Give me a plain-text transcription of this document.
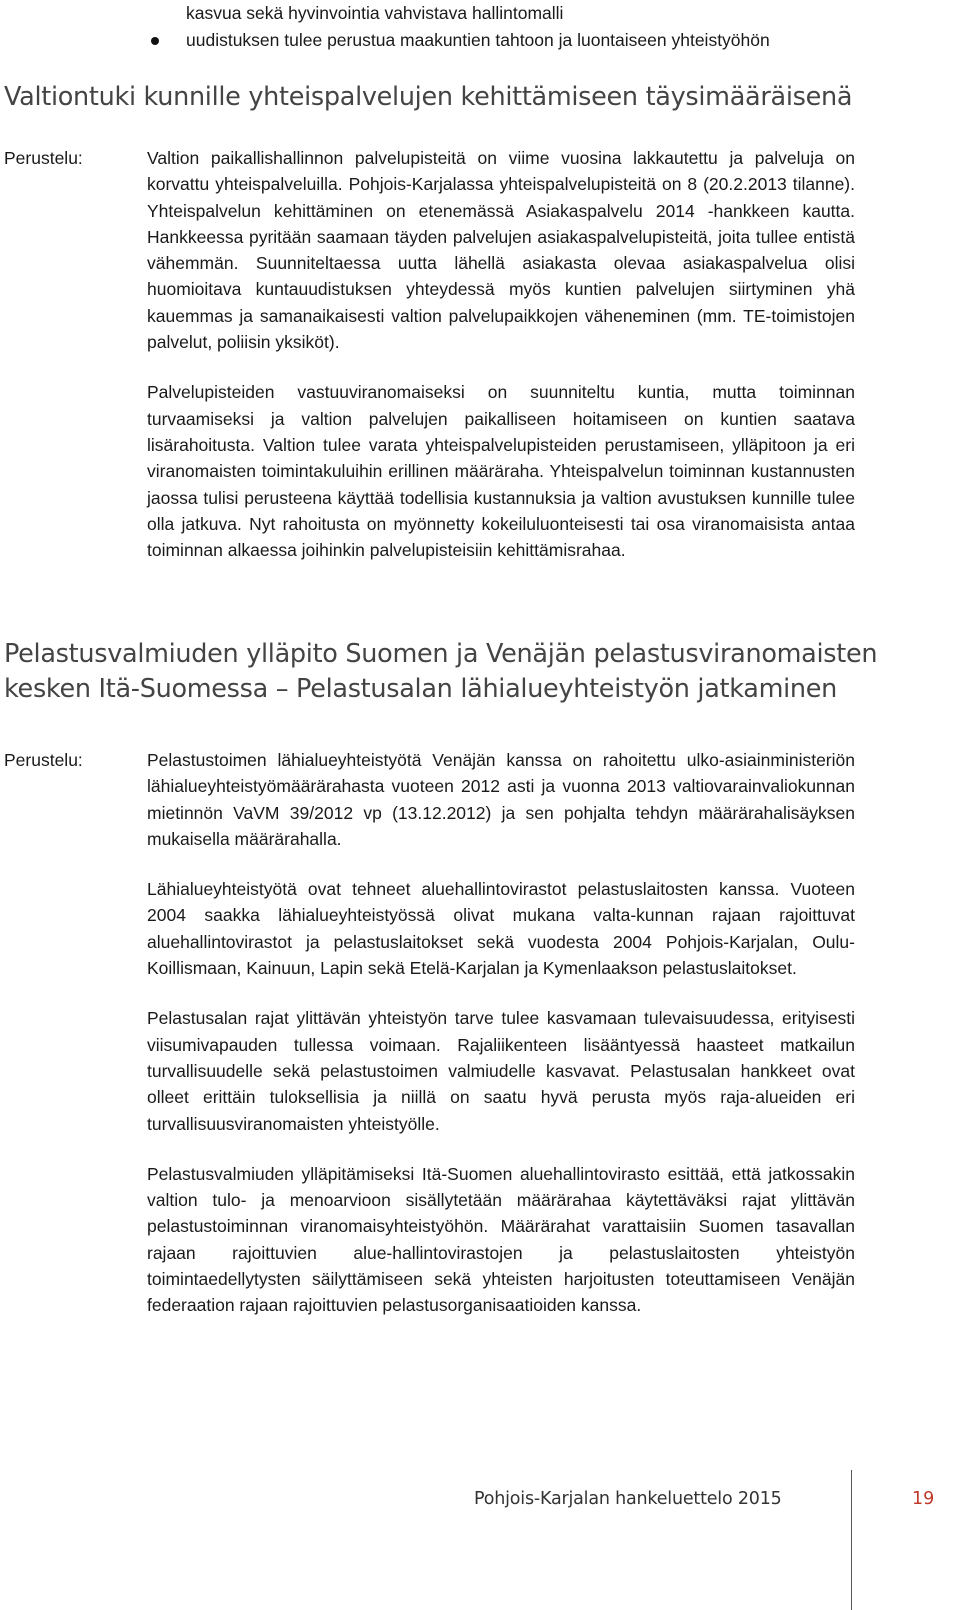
kasvua sekä hyvinvointia vahvistava hallintomalli
uudistuksen tulee perustua maakuntien tahtoon ja luontaiseen yhteistyöhön
Valtiontuki kunnille yhteispalvelujen kehittämiseen täysimääräisenä
Perustelu:	Valtion paikallishallinnon palvelupisteitä on viime vuosina lakkautettu ja palveluja on korvattu yhteispalveluilla. Pohjois-Karjalassa yhteispalvelupisteitä on 8 (20.2.2013 tilanne). Yhteispalvelun kehittäminen on etenemässä Asiakaspalvelu 2014 -hankkeen kautta. Hankkeessa pyritään saamaan täyden palvelujen asiakaspalvelupisteitä, joita tullee entistä vähemmän. Suunniteltaessa uutta lähellä asiakasta olevaa asiakaspalvelua olisi huomioitava kuntauudistuksen yhteydessä myös kuntien palvelujen siirtyminen yhä kauemmas ja samanaikaisesti valtion palvelupaikkojen väheneminen (mm. TE-toimistojen palvelut, poliisin yksiköt).

Palvelupisteiden vastuuviranomaiseksi on suunniteltu kuntia, mutta toiminnan turvaamiseksi ja valtion palvelujen paikalliseen hoitamiseen on kuntien saatava lisärahoitusta. Valtion tulee varata yhteispalvelupisteiden perustamiseen, ylläpitoon ja eri viranomaisten toimintakuluihin erillinen määräraha. Yhteispalvelun toiminnan kustannusten jaossa tulisi perusteena käyttää todellisia kustannuksia ja valtion avustuksen kunnille tulee olla jatkuva. Nyt rahoitusta on myönnetty kokeiluluonteisesti tai osa viranomaisista antaa toiminnan alkaessa joihinkin palvelupisteisiin kehittämisrahaa.

Pelastusvalmiuden ylläpito Suomen ja Venäjän pelastusviranomaisten
kesken Itä-Suomessa – Pelastusalan lähialueyhteistyön jatkaminen
Perustelu:	Pelastustoimen lähialueyhteistyötä Venäjän kanssa on rahoitettu ulko-asiainministeriön lähialueyhteistyömäärärahasta vuoteen 2012 asti ja vuonna 2013 valtiovarainvaliokunnan mietinnön VaVM 39/2012 vp (13.12.2012) ja sen pohjalta tehdyn määrärahalisäyksen mukaisella määrärahalla.

Lähialueyhteistyötä ovat tehneet aluehallintovirastot pelastuslaitosten kanssa. Vuoteen 2004 saakka lähialueyhteistyössä olivat mukana valta-kunnan rajaan rajoittuvat aluehallintovirastot ja pelastuslaitokset sekä vuodesta 2004 Pohjois-Karjalan, Oulu-Koillismaan, Kainuun, Lapin sekä Etelä-Karjalan ja Kymenlaakson pelastuslaitokset.

Pelastusalan rajat ylittävän yhteistyön tarve tulee kasvamaan tulevaisuudessa, erityisesti viisumivapauden tullessa voimaan. Rajaliikenteen lisääntyessä haasteet matkailun turvallisuudelle sekä pelastustoimen valmiudelle kasvavat. Pelastusalan hankkeet ovat olleet erittäin tuloksellisia ja niillä on saatu hyvä perusta myös raja-alueiden eri turvallisuusviranomaisten yhteistyölle.

Pelastusvalmiuden ylläpitämiseksi Itä-Suomen aluehallintovirasto esittää, että jatkossakin valtion tulo- ja menoarvioon sisällytetään määrärahaa käytettäväksi rajat ylittävän pelastustoiminnan viranomaisyhteistyöhön. Määrärahat varattaisiin Suomen tasavallan rajaan rajoittuvien alue-hallintovirastojen ja pelastuslaitosten yhteistyön toimintaedellytysten säilyttämiseen sekä yhteisten harjoitusten toteuttamiseen Venäjän federaation rajaan rajoittuvien pelastusorganisaatioiden kanssa.

Pohjois-Karjalan hankeluettelo 2015	19
